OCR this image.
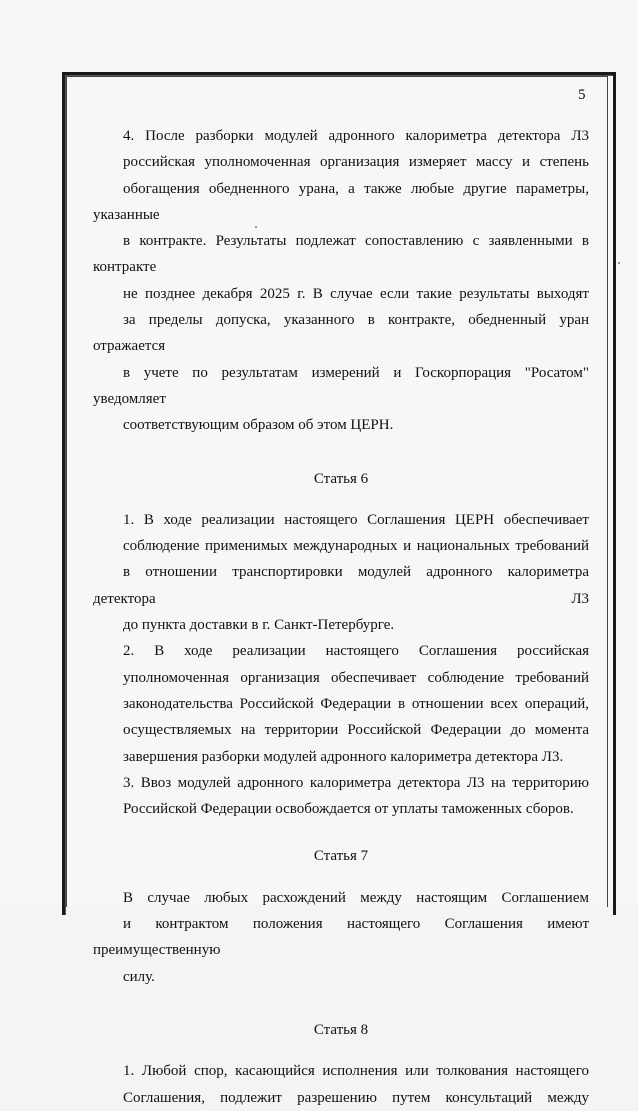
5

4. После разборки модулей адронного калориметра детектора Л3
российская уполномоченная организация измеряет массу и степень
обогащения обедненного урана, а также любые другие параметры, указанные
в контракте. Результаты подлежат сопоставлению с заявленными в контракте
не позднее декабря 2025 г. В случае если такие результаты выходят
за пределы допуска, указанного в контракте, обедненный уран отражается
в учете по результатам измерений и Госкорпорация "Росатом" уведомляет
соответствующим образом об этом ЦЕРН.

Статья 6

1. В ходе реализации настоящего Соглашения ЦЕРН обеспечивает
соблюдение применимых международных и национальных требований
в отношении транспортировки модулей адронного калориметра детектора Л3
до пункта доставки в г. Санкт-Петербурге.

2. В ходе реализации настоящего Соглашения российская
уполномоченная организация обеспечивает соблюдение требований
законодательства Российской Федерации в отношении всех операций,
осуществляемых на территории Российской Федерации до момента
завершения разборки модулей адронного калориметра детектора Л3.

3. Ввоз модулей адронного калориметра детектора Л3 на территорию
Российской Федерации освобождается от уплаты таможенных сборов.

Статья 7

В случае любых расхождений между настоящим Соглашением
и контрактом положения настоящего Соглашения имеют преимущественную
силу.

Статья 8

1. Любой спор, касающийся исполнения или толкования настоящего
Соглашения, подлежит разрешению путем консультаций между
